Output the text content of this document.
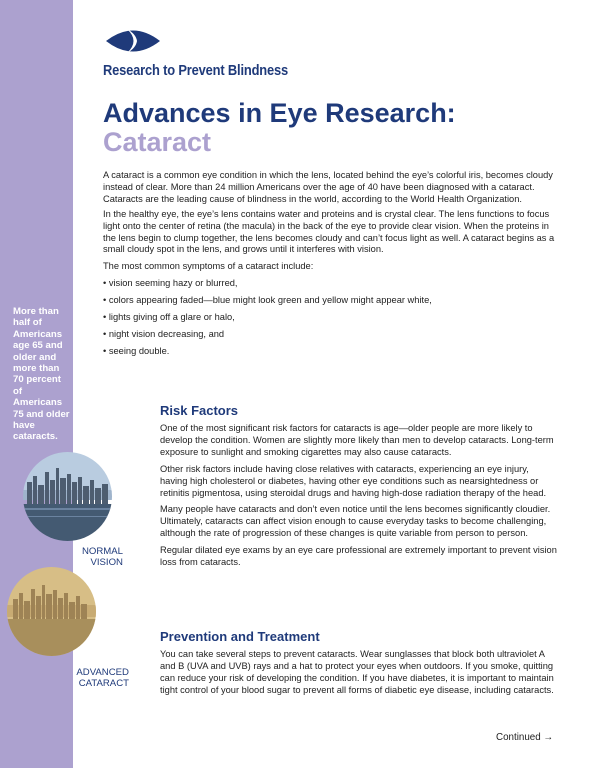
More than half of Americans age 65 and older and more than 70 percent of Americans 75 and older have cataracts.
NORMAL
VISION
ADVANCED
CATARACT
Research to Prevent Blindness
Advances in Eye Research:
Cataract

A cataract is a common eye condition in which the lens, located behind the eye’s colorful iris, becomes cloudy instead of clear. More than 24 million Americans over the age of 40 have been diagnosed with a cataract. Cataracts are the leading cause of blindness in the world, according to the World Health Organization.

In the healthy eye, the eye’s lens contains water and proteins and is crystal clear. The lens functions to focus light onto the center of retina (the macula) in the back of the eye to provide clear vision. When the proteins in the lens begin to clump together, the lens becomes cloudy and can’t focus light as well. A cataract begins as a small cloudy spot in the lens, and grows until it interferes with vision.

The most common symptoms of a cataract include:

• vision seeming hazy or blurred,

• colors appearing faded—blue might look green and yellow might appear white,

• lights giving off a glare or halo,

• night vision decreasing, and

• seeing double.

Risk Factors

One of the most significant risk factors for cataracts is age—older people are more likely to develop the condition. Women are slightly more likely than men to develop cataracts. Long-term exposure to sunlight and smoking cigarettes may also cause cataracts.

Other risk factors include having close relatives with cataracts, experiencing an eye injury, having high cholesterol or diabetes, having other eye conditions such as nearsightedness or retinitis pigmentosa, using steroidal drugs and having high-dose radiation therapy of the head.

Many people have cataracts and don’t even notice until the lens becomes significantly cloudier. Ultimately, cataracts can affect vision enough to cause everyday tasks to become challenging, although the rate of progression of these changes is quite variable from person to person.

Regular dilated eye exams by an eye care professional are extremely important to prevent vision loss from cataracts.

Prevention and Treatment

You can take several steps to prevent cataracts. Wear sunglasses that block both ultraviolet A and B (UVA and UVB) rays and a hat to protect your eyes when outdoors. If you smoke, quitting can reduce your risk of developing the condition. If you have diabetes, it is important to maintain tight control of your blood sugar to prevent all forms of diabetic eye disease, including cataracts.

Continued →
